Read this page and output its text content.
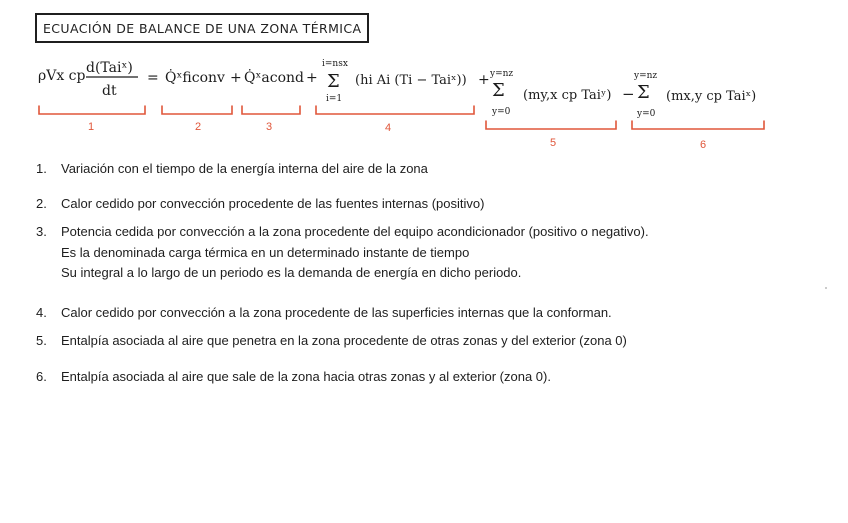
ECUACIÓN DE BALANCE DE UNA ZONA TÉRMICA
ρVx cp d(Taiˣ)
dt
= Q̇ˣficonv + Q̇ˣacond +
i=nsx
Σ
i=1
(hi Ai (Ti − Taiˣ)) + y=nz
Σ
y=0
(my,x cp Taiʸ) −
y=nz
Σ
y=0
(mx,y cp Taiˣ)
1	2	3	4
5	6
1. Variación con el tiempo de la energía interna del aire de la zona
2. Calor cedido por convección procedente de las fuentes internas (positivo)
3. Potencia cedida por convección a la zona procedente del equipo acondicionador (positivo o negativo).
Es la denominada carga térmica en un determinado instante de tiempo
Su integral a lo largo de un periodo es la demanda de energía en dicho periodo.
4. Calor cedido por convección a la zona procedente de las superficies internas que la conforman.
5. Entalpía asociada al aire que penetra en la zona procedente de otras zonas y del exterior (zona 0)
6. Entalpía asociada al aire que sale de la zona hacia otras zonas y al exterior (zona 0).
